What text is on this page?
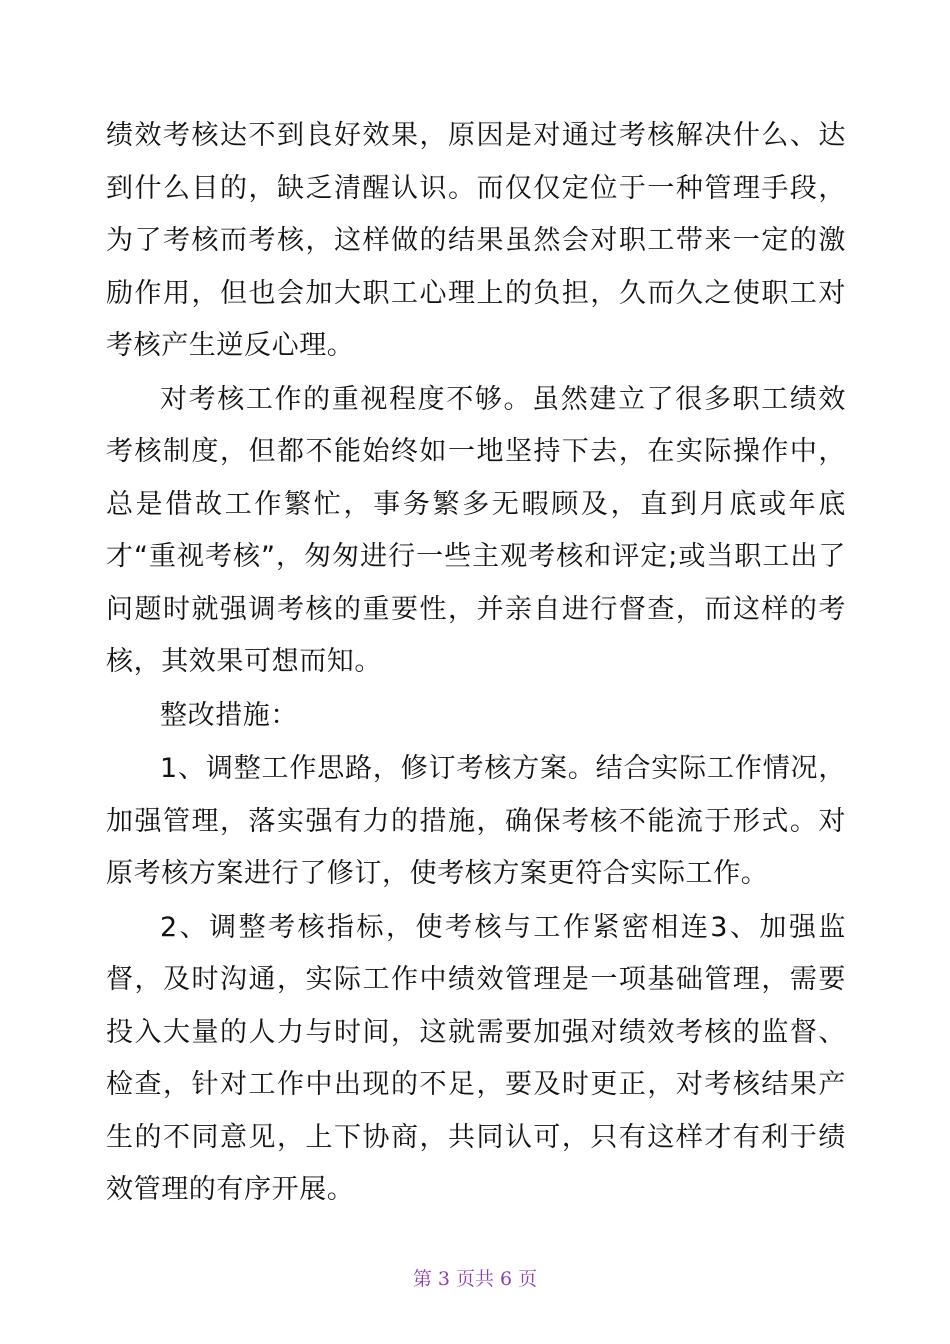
绩效考核达不到良好效果，原因是对通过考核解决什么、达到什么目的，缺乏清醒认识。而仅仅定位于一种管理手段，为了考核而考核，这样做的结果虽然会对职工带来一定的激励作用，但也会加大职工心理上的负担，久而久之使职工对考核产生逆反心理。

对考核工作的重视程度不够。虽然建立了很多职工绩效考核制度，但都不能始终如一地坚持下去，在实际操作中，总是借故工作繁忙，事务繁多无暇顾及，直到月底或年底才“重视考核”，匆匆进行一些主观考核和评定;或当职工出了问题时就强调考核的重要性，并亲自进行督查，而这样的考核，其效果可想而知。

整改措施：

1、调整工作思路，修订考核方案。结合实际工作情况，加强管理，落实强有力的措施，确保考核不能流于形式。对原考核方案进行了修订，使考核方案更符合实际工作。

2、调整考核指标，使考核与工作紧密相连3、加强监督，及时沟通，实际工作中绩效管理是一项基础管理，需要投入大量的人力与时间，这就需要加强对绩效考核的监督、检查，针对工作中出现的不足，要及时更正，对考核结果产生的不同意见，上下协商，共同认可，只有这样才有利于绩效管理的有序开展。

第 3 页共 6 页
